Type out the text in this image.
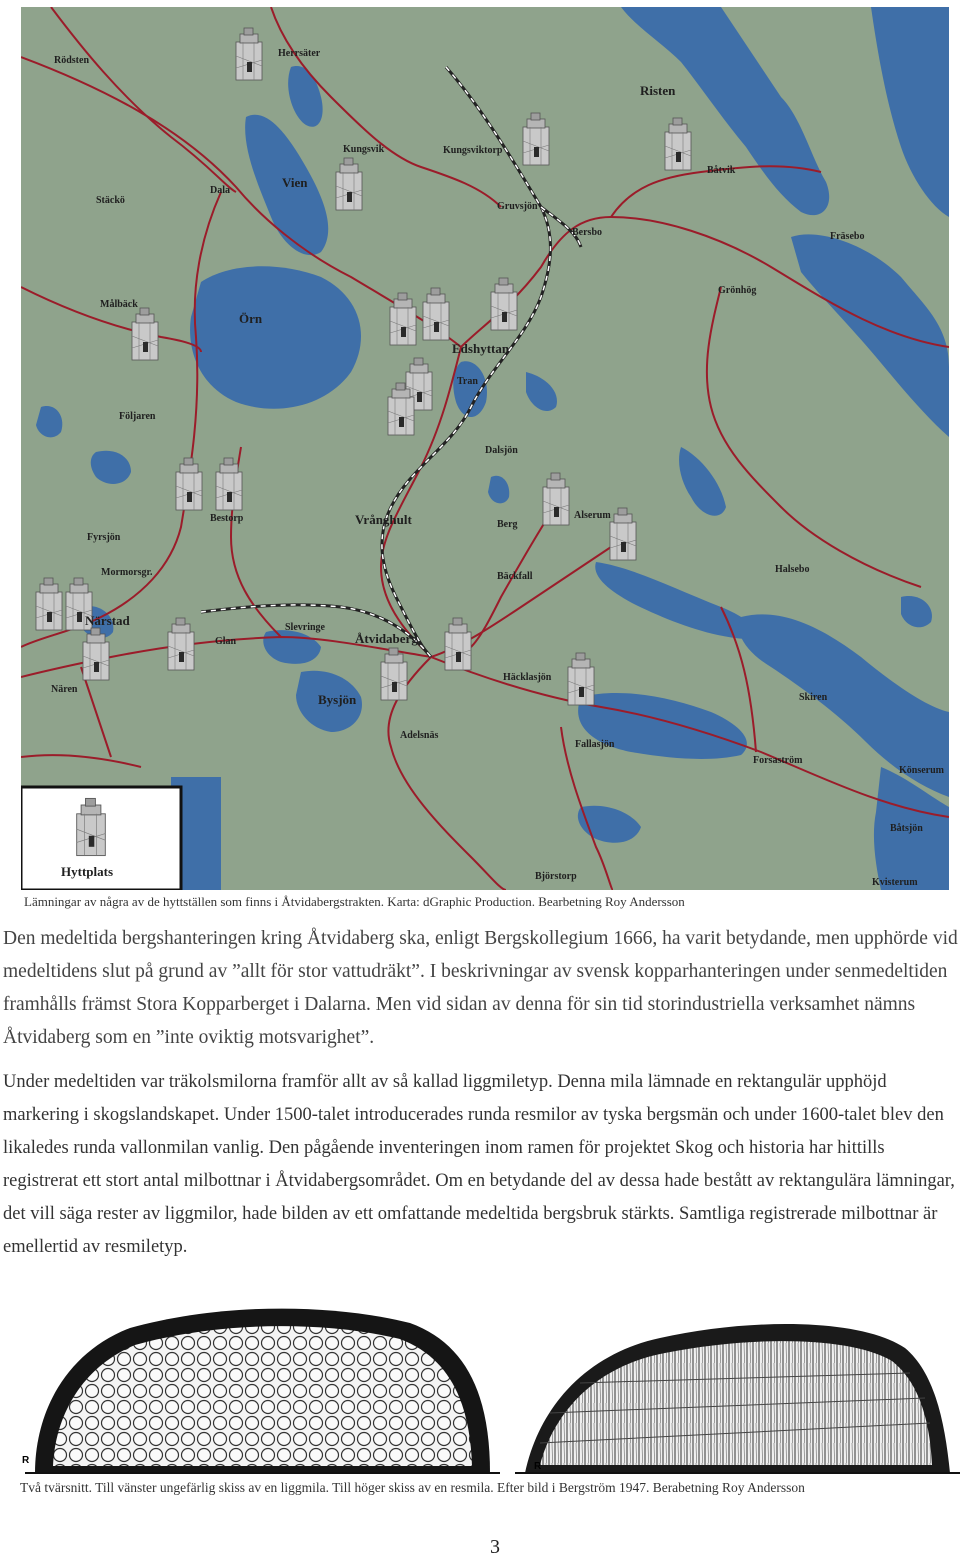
Rödsten
Herrsäter
Risten
Kungsvik	Kungsviktorp
Båtvik
Stäckö
Dala
Vien
Gruvsjön
Bersbo	Fräsebo
Grönhög
Målbäck
Örn
Edshyttan
Tran
Följaren
Dalsjön
Bestorp	Vrånghult	Berg
Alserum
Fyrsjön
Halsebo
Mormorsgr.	Bäckfall
Närstad	Slevringe
Glan	Åtvidaberg
Häcklasjön
Nären
Bysjön	Skiren
Adelsnäs
Fallasjön
Forsaström
Könserum
Båtsjön
Björstorp
Kvisterum
Hyttplats
Lämningar av några av de hyttställen som finns i Åtvidabergstrakten. Karta: dGraphic Production. Bearbetning Roy Andersson

Den medeltida bergshanteringen kring Åtvidaberg ska, enligt Bergskollegium 1666, ha varit betydande, men upphörde vid medeltidens slut på grund av ”allt för stor vattudräkt”. I beskrivningar av svensk kopparhanteringen under senmedeltiden framhålls främst Stora Kopparberget i Dalarna. Men vid sidan av denna för sin tid storindustriella verksamhet nämns Åtvidaberg som en ”inte oviktig motsvarighet”.

Under medeltiden var träkolsmilorna framför allt av så kallad liggmiletyp. Denna mila lämnade en rektangulär upphöjd markering i skogslandskapet. Under 1500-talet introducerades runda resmilor av tyska bergsmän och under 1600-talet blev den likaledes runda vallonmilan vanlig. Den pågående inventeringen inom ramen för projektet Skog och historia har hittills registrerat ett stort antal milbottnar i Åtvidabergsområdet. Om en betydande del av dessa hade bestått av rektangulära lämningar, det vill säga rester av liggmilor, hade bilden av ett omfattande medeltida bergsbruk stärkts. Samtliga registrerade milbottnar är emellertid av resmiletyp.

R
R
Två tvärsnitt. Till vänster ungefärlig skiss av en liggmila. Till höger skiss av en resmila. Efter bild i Bergström 1947. Berabetning Roy Andersson
3
